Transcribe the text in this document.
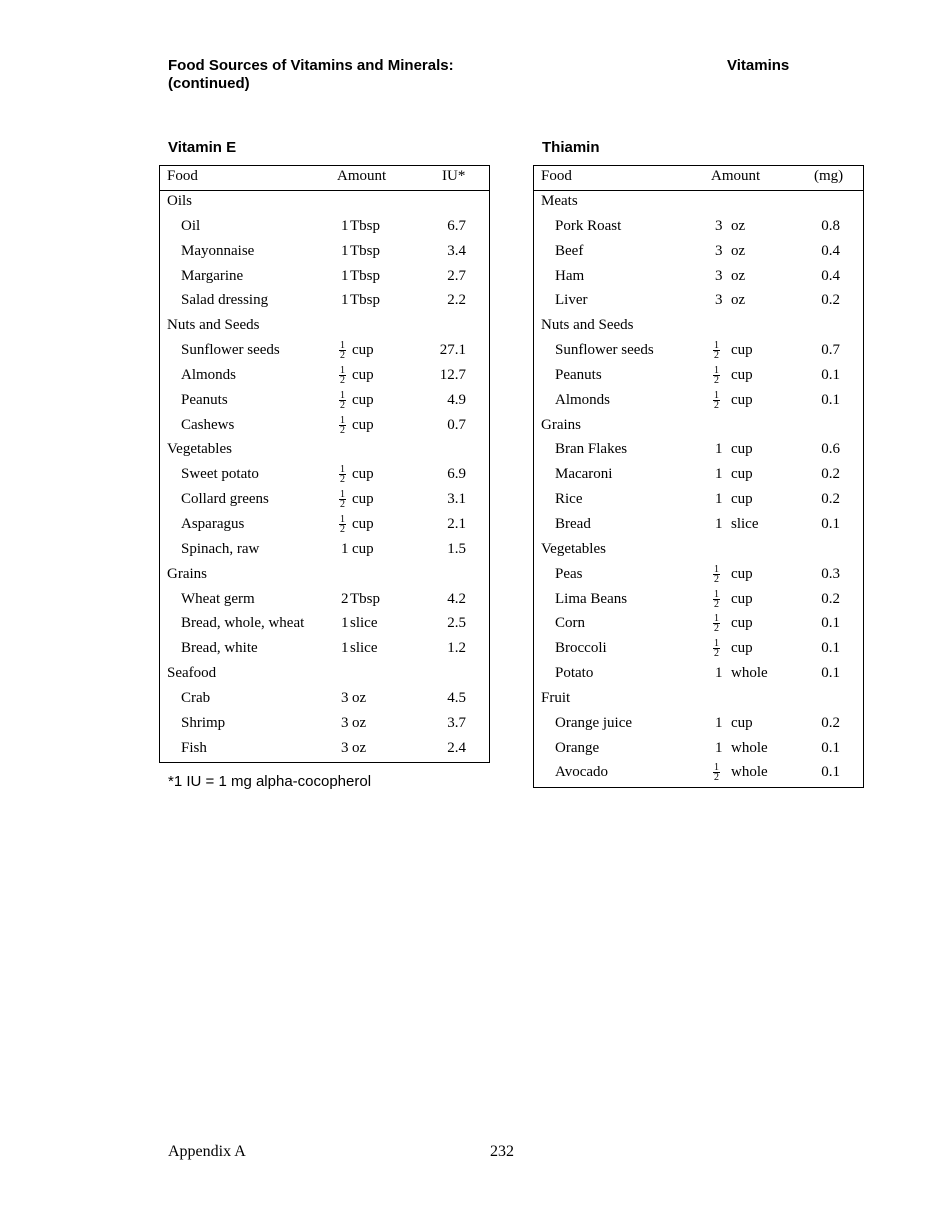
Food Sources of Vitamins and Minerals:
(continued)
Vitamins
Vitamin E
Food	Amount	IU*
Oils
Oil	1 Tbsp	6.7
Mayonnaise	1 Tbsp	3.4
Margarine	1 Tbsp	2.7
Salad dressing	1 Tbsp	2.2
Nuts and Seeds
Sunflower seeds	$\frac{1}{2}$ cup	27.1
Almonds	$\frac{1}{2}$ cup	12.7
Peanuts	$\frac{1}{2}$ cup	4.9
Cashews	$\frac{1}{2}$ cup	0.7
Vegetables
Sweet potato	$\frac{1}{2}$ cup	6.9
Collard greens	$\frac{1}{2}$ cup	3.1
Asparagus	$\frac{1}{2}$ cup	2.1
Spinach, raw	1 cup	1.5
Grains
Wheat germ	2 Tbsp	4.2
Bread, whole, wheat 1 slice	2.5
Bread, white	1 slice	1.2
Seafood
Crab	3 oz	4.5
Shrimp	3 oz	3.7
Fish	3 oz	2.4
*1 IU = 1 mg alpha-cocopherol
Thiamin
Food	Amount	(mg)
Meats
Pork Roast	3 oz	0.8
Beef	3 oz	0.4
Ham	3 oz	0.4
Liver	3 oz	0.2
Nuts and Seeds
Sunflower seeds	$\frac{1}{2}$ cup	0.7
Peanuts	$\frac{1}{2}$ cup	0.1
Almonds	$\frac{1}{2}$ cup	0.1
Grains
Bran Flakes	1 cup	0.6
Macaroni	1 cup	0.2
Rice	1 cup	0.2
Bread	1 slice	0.1
Vegetables
Peas	$\frac{1}{2}$ cup	0.3
Lima Beans	$\frac{1}{2}$ cup	0.2
Corn	$\frac{1}{2}$ cup	0.1
Broccoli	$\frac{1}{2}$ cup	0.1
Potato	1 whole	0.1
Fruit
Orange juice	1 cup	0.2
Orange	1 whole	0.1
Avocado	$\frac{1}{2}$ whole	0.1
Appendix A	232
